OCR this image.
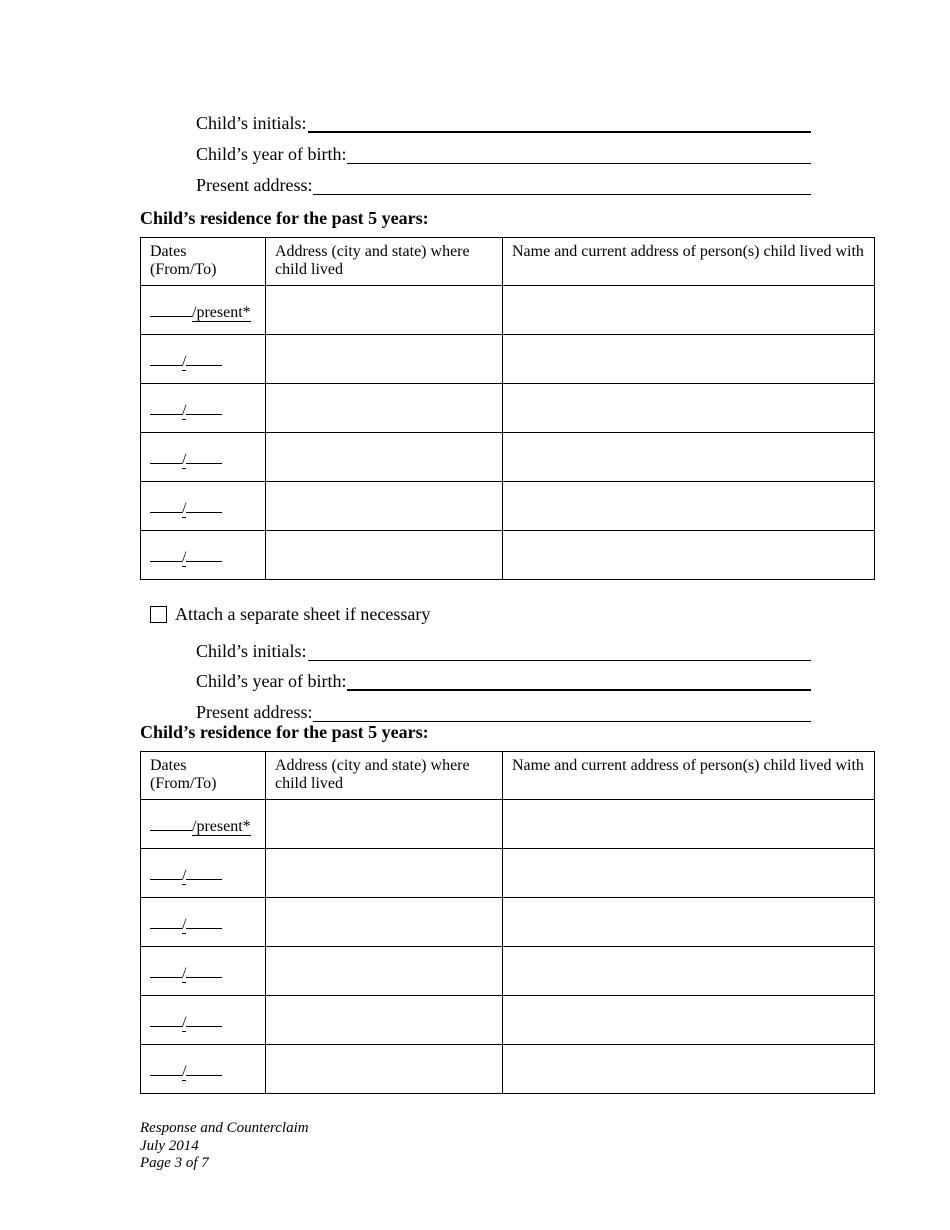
Child’s initials:
Child’s year of birth:
Present address:
Child’s residence for the past 5 years:
Dates (From/To)	Address (city and state) where child lived	Name and current address of person(s) child lived with
/present*		
/		
/		
/		
/		
/		
Attach a separate sheet if necessary
Child’s initials:
Child’s year of birth:
Present address:
Child’s residence for the past 5 years:
Dates (From/To)	Address (city and state) where child lived	Name and current address of person(s) child lived with
/present*		
/		
/		
/		
/		
/		
Response and Counterclaim
July 2014
Page 3 of 7
